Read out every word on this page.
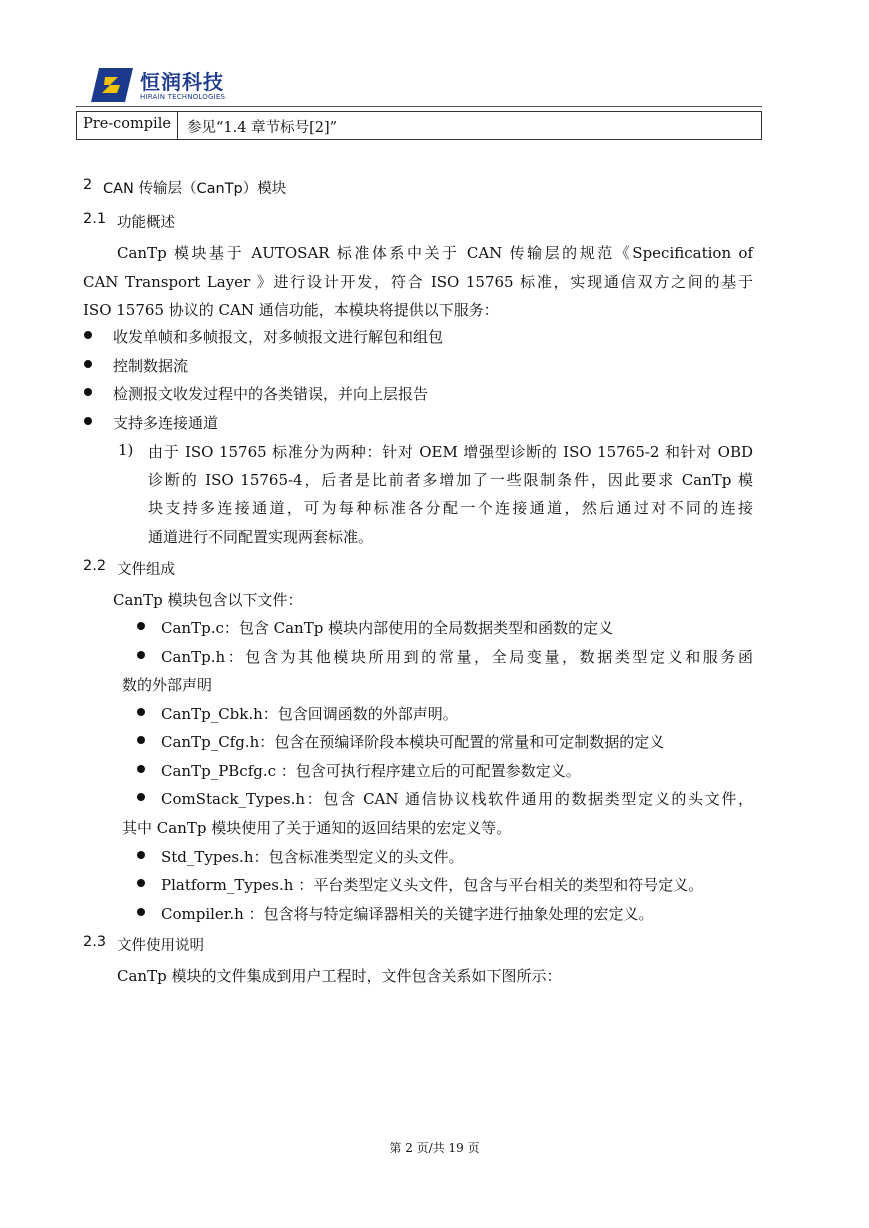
恒润科技
HIRAIN TECHNOLOGIES
Pre-compile	参见“1.4 章节标号[2]”
2 CAN 传输层（CanTp）模块
2.1 功能概述
CanTp 模块基于 AUTOSAR 标准体系中关于 CAN 传输层的规范《Specification of
CAN Transport Layer 》进行设计开发，符合 ISO 15765 标准，实现通信双方之间的基于
ISO 15765 协议的 CAN 通信功能，本模块将提供以下服务：
收发单帧和多帧报文，对多帧报文进行解包和组包
控制数据流
检测报文收发过程中的各类错误，并向上层报告
支持多连接通道
1) 由于 ISO 15765 标准分为两种：针对 OEM 增强型诊断的 ISO 15765-2 和针对 OBD
诊断的 ISO 15765-4，后者是比前者多增加了一些限制条件，因此要求 CanTp 模
块支持多连接通道，可为每种标准各分配一个连接通道，然后通过对不同的连接
通道进行不同配置实现两套标准。
2.2 文件组成
CanTp 模块包含以下文件：
CanTp.c：包含 CanTp 模块内部使用的全局数据类型和函数的定义
CanTp.h：包含为其他模块所用到的常量，全局变量，数据类型定义和服务函
数的外部声明
CanTp_Cbk.h：包含回调函数的外部声明。
CanTp_Cfg.h：包含在预编译阶段本模块可配置的常量和可定制数据的定义
CanTp_PBcfg.c ：包含可执行程序建立后的可配置参数定义。
ComStack_Types.h：包含 CAN 通信协议栈软件通用的数据类型定义的头文件，
其中 CanTp 模块使用了关于通知的返回结果的宏定义等。
Std_Types.h：包含标准类型定义的头文件。
Platform_Types.h ：平台类型定义头文件，包含与平台相关的类型和符号定义。
Compiler.h ：包含将与特定编译器相关的关键字进行抽象处理的宏定义。
2.3 文件使用说明
CanTp 模块的文件集成到用户工程时，文件包含关系如下图所示：
第 2 页/共 19 页
